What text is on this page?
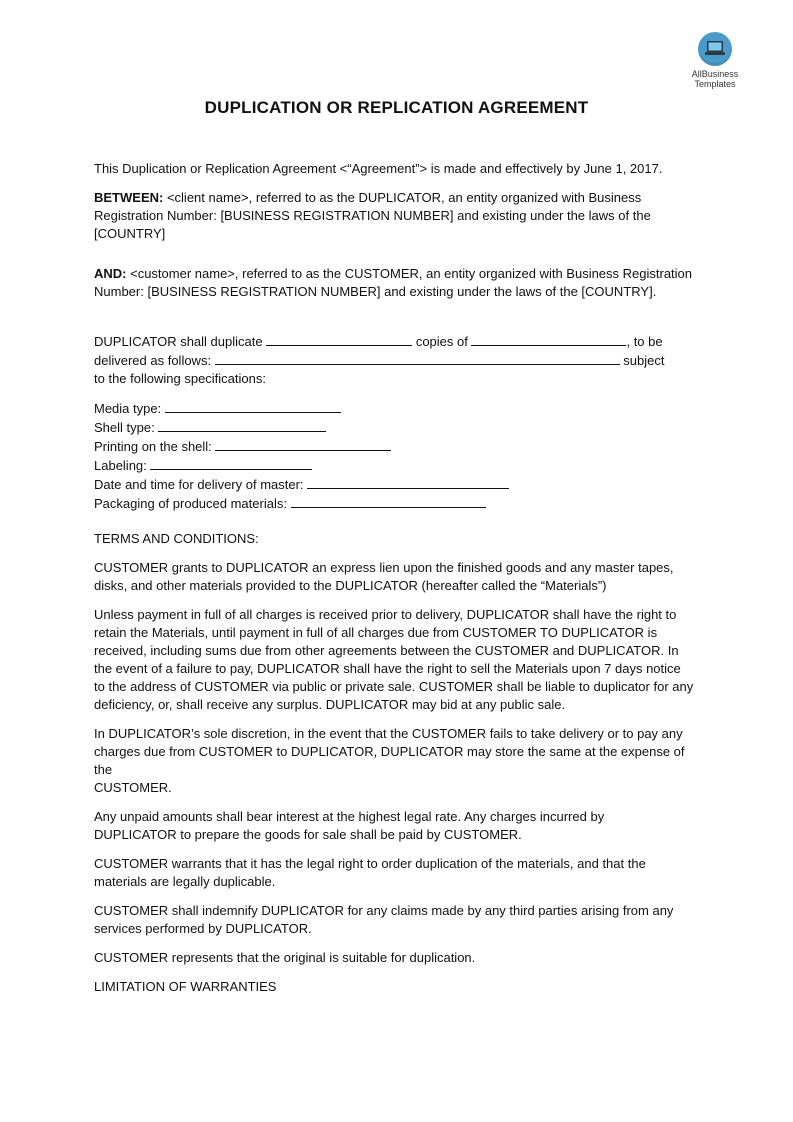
AllBusiness
Templates
DUPLICATION OR REPLICATION AGREEMENT

This Duplication or Replication Agreement <“Agreement”> is made and effectively by June 1, 2017.

BETWEEN: <client name>, referred to as the DUPLICATOR, an entity organized with Business
Registration Number: [BUSINESS REGISTRATION NUMBER] and existing under the laws of the
[COUNTRY]

AND: <customer name>, referred to as the CUSTOMER, an entity organized with Business Registration
Number: [BUSINESS REGISTRATION NUMBER] and existing under the laws of the [COUNTRY].

DUPLICATOR shall duplicate	copies of	, to be
delivered as follows:	subject
to the following specifications:

Media type:
Shell type:
Printing on the shell:
Labeling:
Date and time for delivery of master:
Packaging of produced materials:

TERMS AND CONDITIONS:

CUSTOMER grants to DUPLICATOR an express lien upon the finished goods and any master tapes,
disks, and other materials provided to the DUPLICATOR (hereafter called the “Materials”)

Unless payment in full of all charges is received prior to delivery, DUPLICATOR shall have the right to
retain the Materials, until payment in full of all charges due from CUSTOMER TO DUPLICATOR is
received, including sums due from other agreements between the CUSTOMER and DUPLICATOR. In
the event of a failure to pay, DUPLICATOR shall have the right to sell the Materials upon 7 days notice
to the address of CUSTOMER via public or private sale. CUSTOMER shall be liable to duplicator for any
deficiency, or, shall receive any surplus. DUPLICATOR may bid at any public sale.

In DUPLICATOR’s sole discretion, in the event that the CUSTOMER fails to take delivery or to pay any
charges due from CUSTOMER to DUPLICATOR, DUPLICATOR may store the same at the expense of the
CUSTOMER.

Any unpaid amounts shall bear interest at the highest legal rate. Any charges incurred by
DUPLICATOR to prepare the goods for sale shall be paid by CUSTOMER.

CUSTOMER warrants that it has the legal right to order duplication of the materials, and that the
materials are legally duplicable.

CUSTOMER shall indemnify DUPLICATOR for any claims made by any third parties arising from any
services performed by DUPLICATOR.

CUSTOMER represents that the original is suitable for duplication.

LIMITATION OF WARRANTIES
